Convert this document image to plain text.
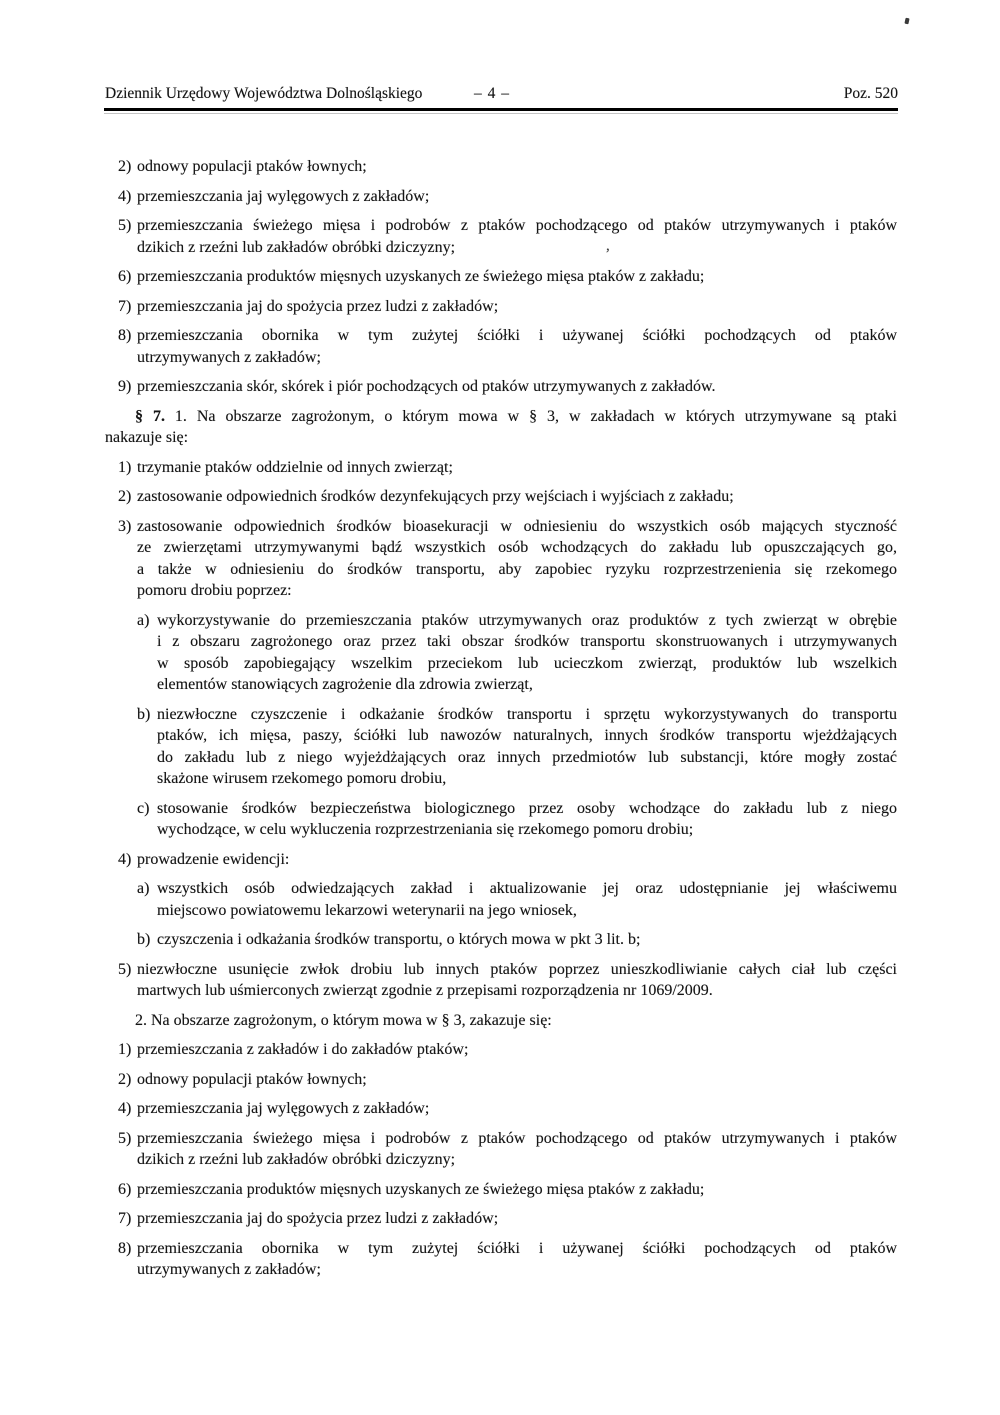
Dziennik Urzędowy Województwa Dolnośląskiego	– 4 –	Poz. 520
,
2) odnowy populacji ptaków łownych;
4) przemieszczania jaj wylęgowych z zakładów;
5) przemieszczania świeżego mięsa i podrobów z ptaków pochodzącego od ptaków utrzymywanych i ptaków
dzikich z rzeźni lub zakładów obróbki dziczyzny;
6) przemieszczania produktów mięsnych uzyskanych ze świeżego mięsa ptaków z zakładu;
7) przemieszczania jaj do spożycia przez ludzi z zakładów;
8) przemieszczania obornika w tym zużytej ściółki i używanej ściółki pochodzących od ptaków
utrzymywanych z zakładów;
9) przemieszczania skór, skórek i piór pochodzących od ptaków utrzymywanych z zakładów.
§ 7. 1. Na obszarze zagrożonym, o którym mowa w § 3, w zakładach w których utrzymywane są ptaki
nakazuje się:
1) trzymanie ptaków oddzielnie od innych zwierząt;
2) zastosowanie odpowiednich środków dezynfekujących przy wejściach i wyjściach z zakładu;
3) zastosowanie odpowiednich środków bioasekuracji w odniesieniu do wszystkich osób mających styczność
ze zwierzętami utrzymywanymi bądź wszystkich osób wchodzących do zakładu lub opuszczających go,
a także w odniesieniu do środków transportu, aby zapobiec ryzyku rozprzestrzenienia się rzekomego
pomoru drobiu poprzez:
a) wykorzystywanie do przemieszczania ptaków utrzymywanych oraz produktów z tych zwierząt w obrębie
i z obszaru zagrożonego oraz przez taki obszar środków transportu skonstruowanych i utrzymywanych
w sposób zapobiegający wszelkim przeciekom lub ucieczkom zwierząt, produktów lub wszelkich
elementów stanowiących zagrożenie dla zdrowia zwierząt,
b) niezwłoczne czyszczenie i odkażanie środków transportu i sprzętu wykorzystywanych do transportu
ptaków, ich mięsa, paszy, ściółki lub nawozów naturalnych, innych środków transportu wjeżdżających
do zakładu lub z niego wyjeżdżających oraz innych przedmiotów lub substancji, które mogły zostać
skażone wirusem rzekomego pomoru drobiu,
c) stosowanie środków bezpieczeństwa biologicznego przez osoby wchodzące do zakładu lub z niego
wychodzące, w celu wykluczenia rozprzestrzeniania się rzekomego pomoru drobiu;
4) prowadzenie ewidencji:
a) wszystkich osób odwiedzających zakład i aktualizowanie jej oraz udostępnianie jej właściwemu
miejscowo powiatowemu lekarzowi weterynarii na jego wniosek,
b) czyszczenia i odkażania środków transportu, o których mowa w pkt 3 lit. b;
5) niezwłoczne usunięcie zwłok drobiu lub innych ptaków poprzez unieszkodliwianie całych ciał lub części
martwych lub uśmierconych zwierząt zgodnie z przepisami rozporządzenia nr 1069/2009.
2. Na obszarze zagrożonym, o którym mowa w § 3, zakazuje się:
1) przemieszczania z zakładów i do zakładów ptaków;
2) odnowy populacji ptaków łownych;
4) przemieszczania jaj wylęgowych z zakładów;
5) przemieszczania świeżego mięsa i podrobów z ptaków pochodzącego od ptaków utrzymywanych i ptaków
dzikich z rzeźni lub zakładów obróbki dziczyzny;
6) przemieszczania produktów mięsnych uzyskanych ze świeżego mięsa ptaków z zakładu;
7) przemieszczania jaj do spożycia przez ludzi z zakładów;
8) przemieszczania obornika w tym zużytej ściółki i używanej ściółki pochodzących od ptaków
utrzymywanych z zakładów;
